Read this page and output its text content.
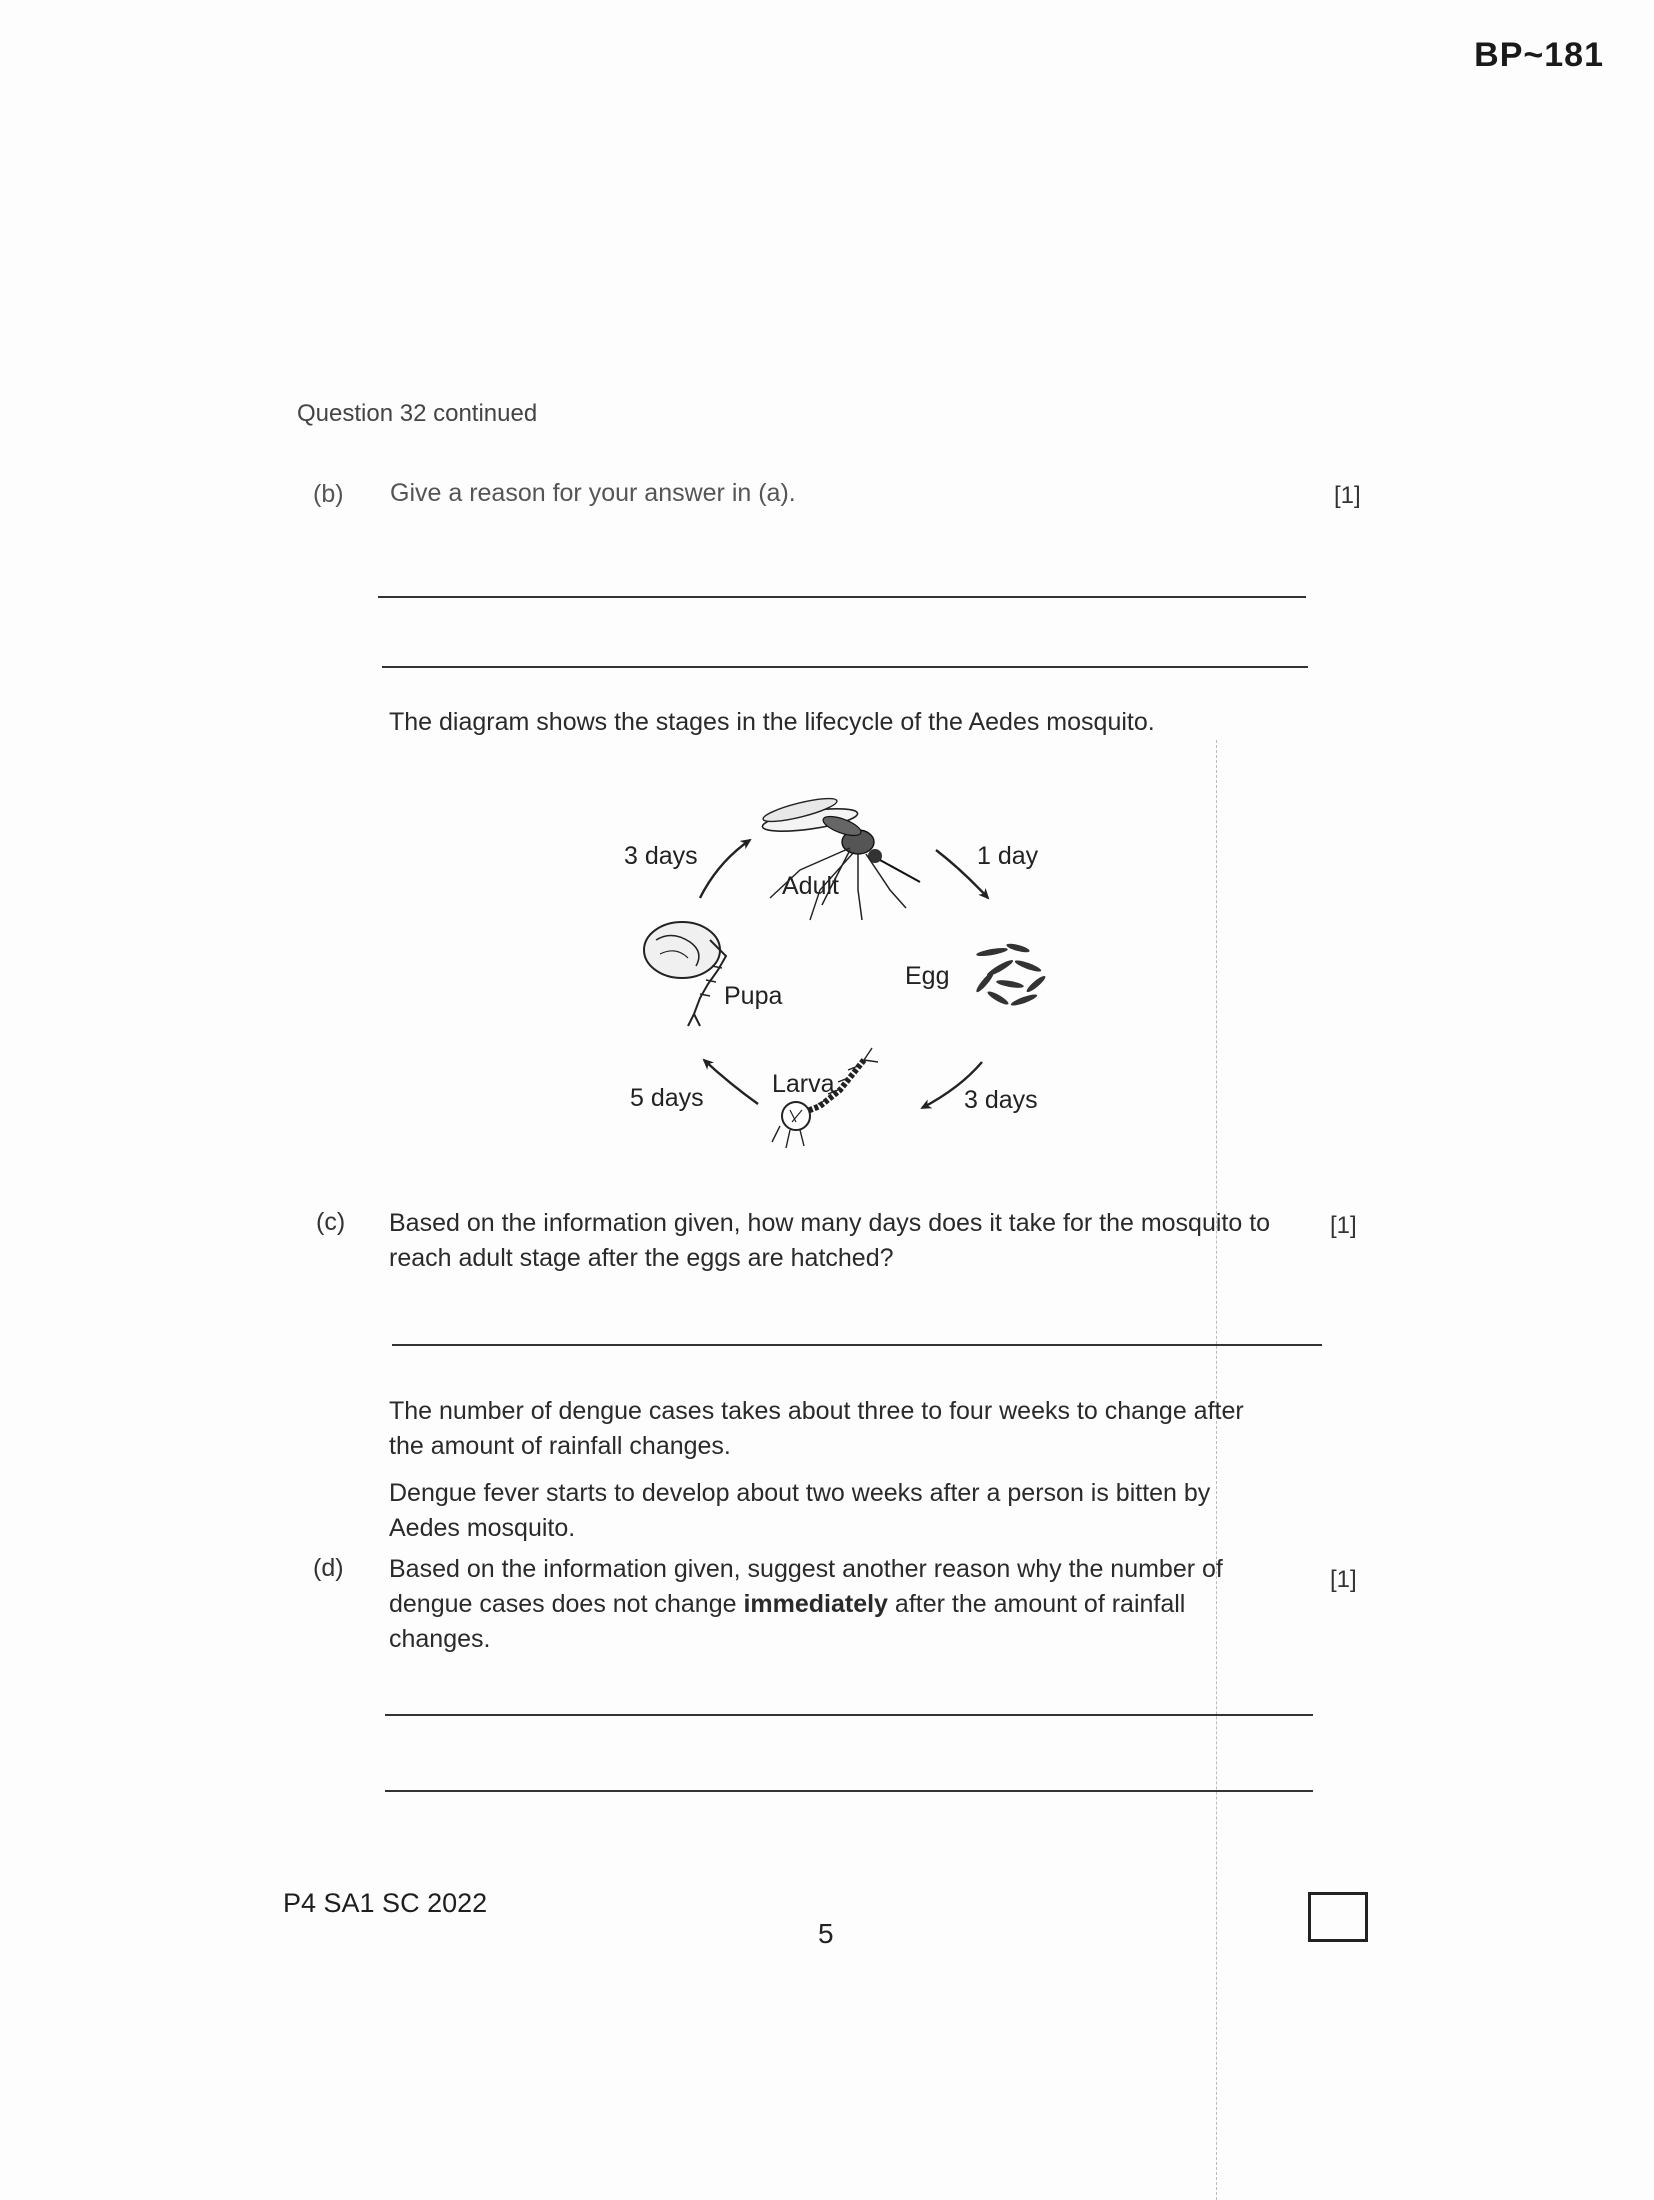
BP~181
Question 32 continued
(b) Give a reason for your answer in (a).	[1]
The diagram shows the stages in the lifecycle of the Aedes mosquito.
Adult
Egg
Pupa
Larva
3 days	1 day
3 days
5 days
(c) Based on the information given, how many days does it take for the mosquito to
reach adult stage after the eggs are hatched?
[1]
The number of dengue cases takes about three to four weeks to change after
the amount of rainfall changes.
Dengue fever starts to develop about two weeks after a person is bitten by
Aedes mosquito.
(d) Based on the information given, suggest another reason why the number of
dengue cases does not change immediately after the amount of rainfall
changes.
[1]
P4 SA1 SC 2022
5
